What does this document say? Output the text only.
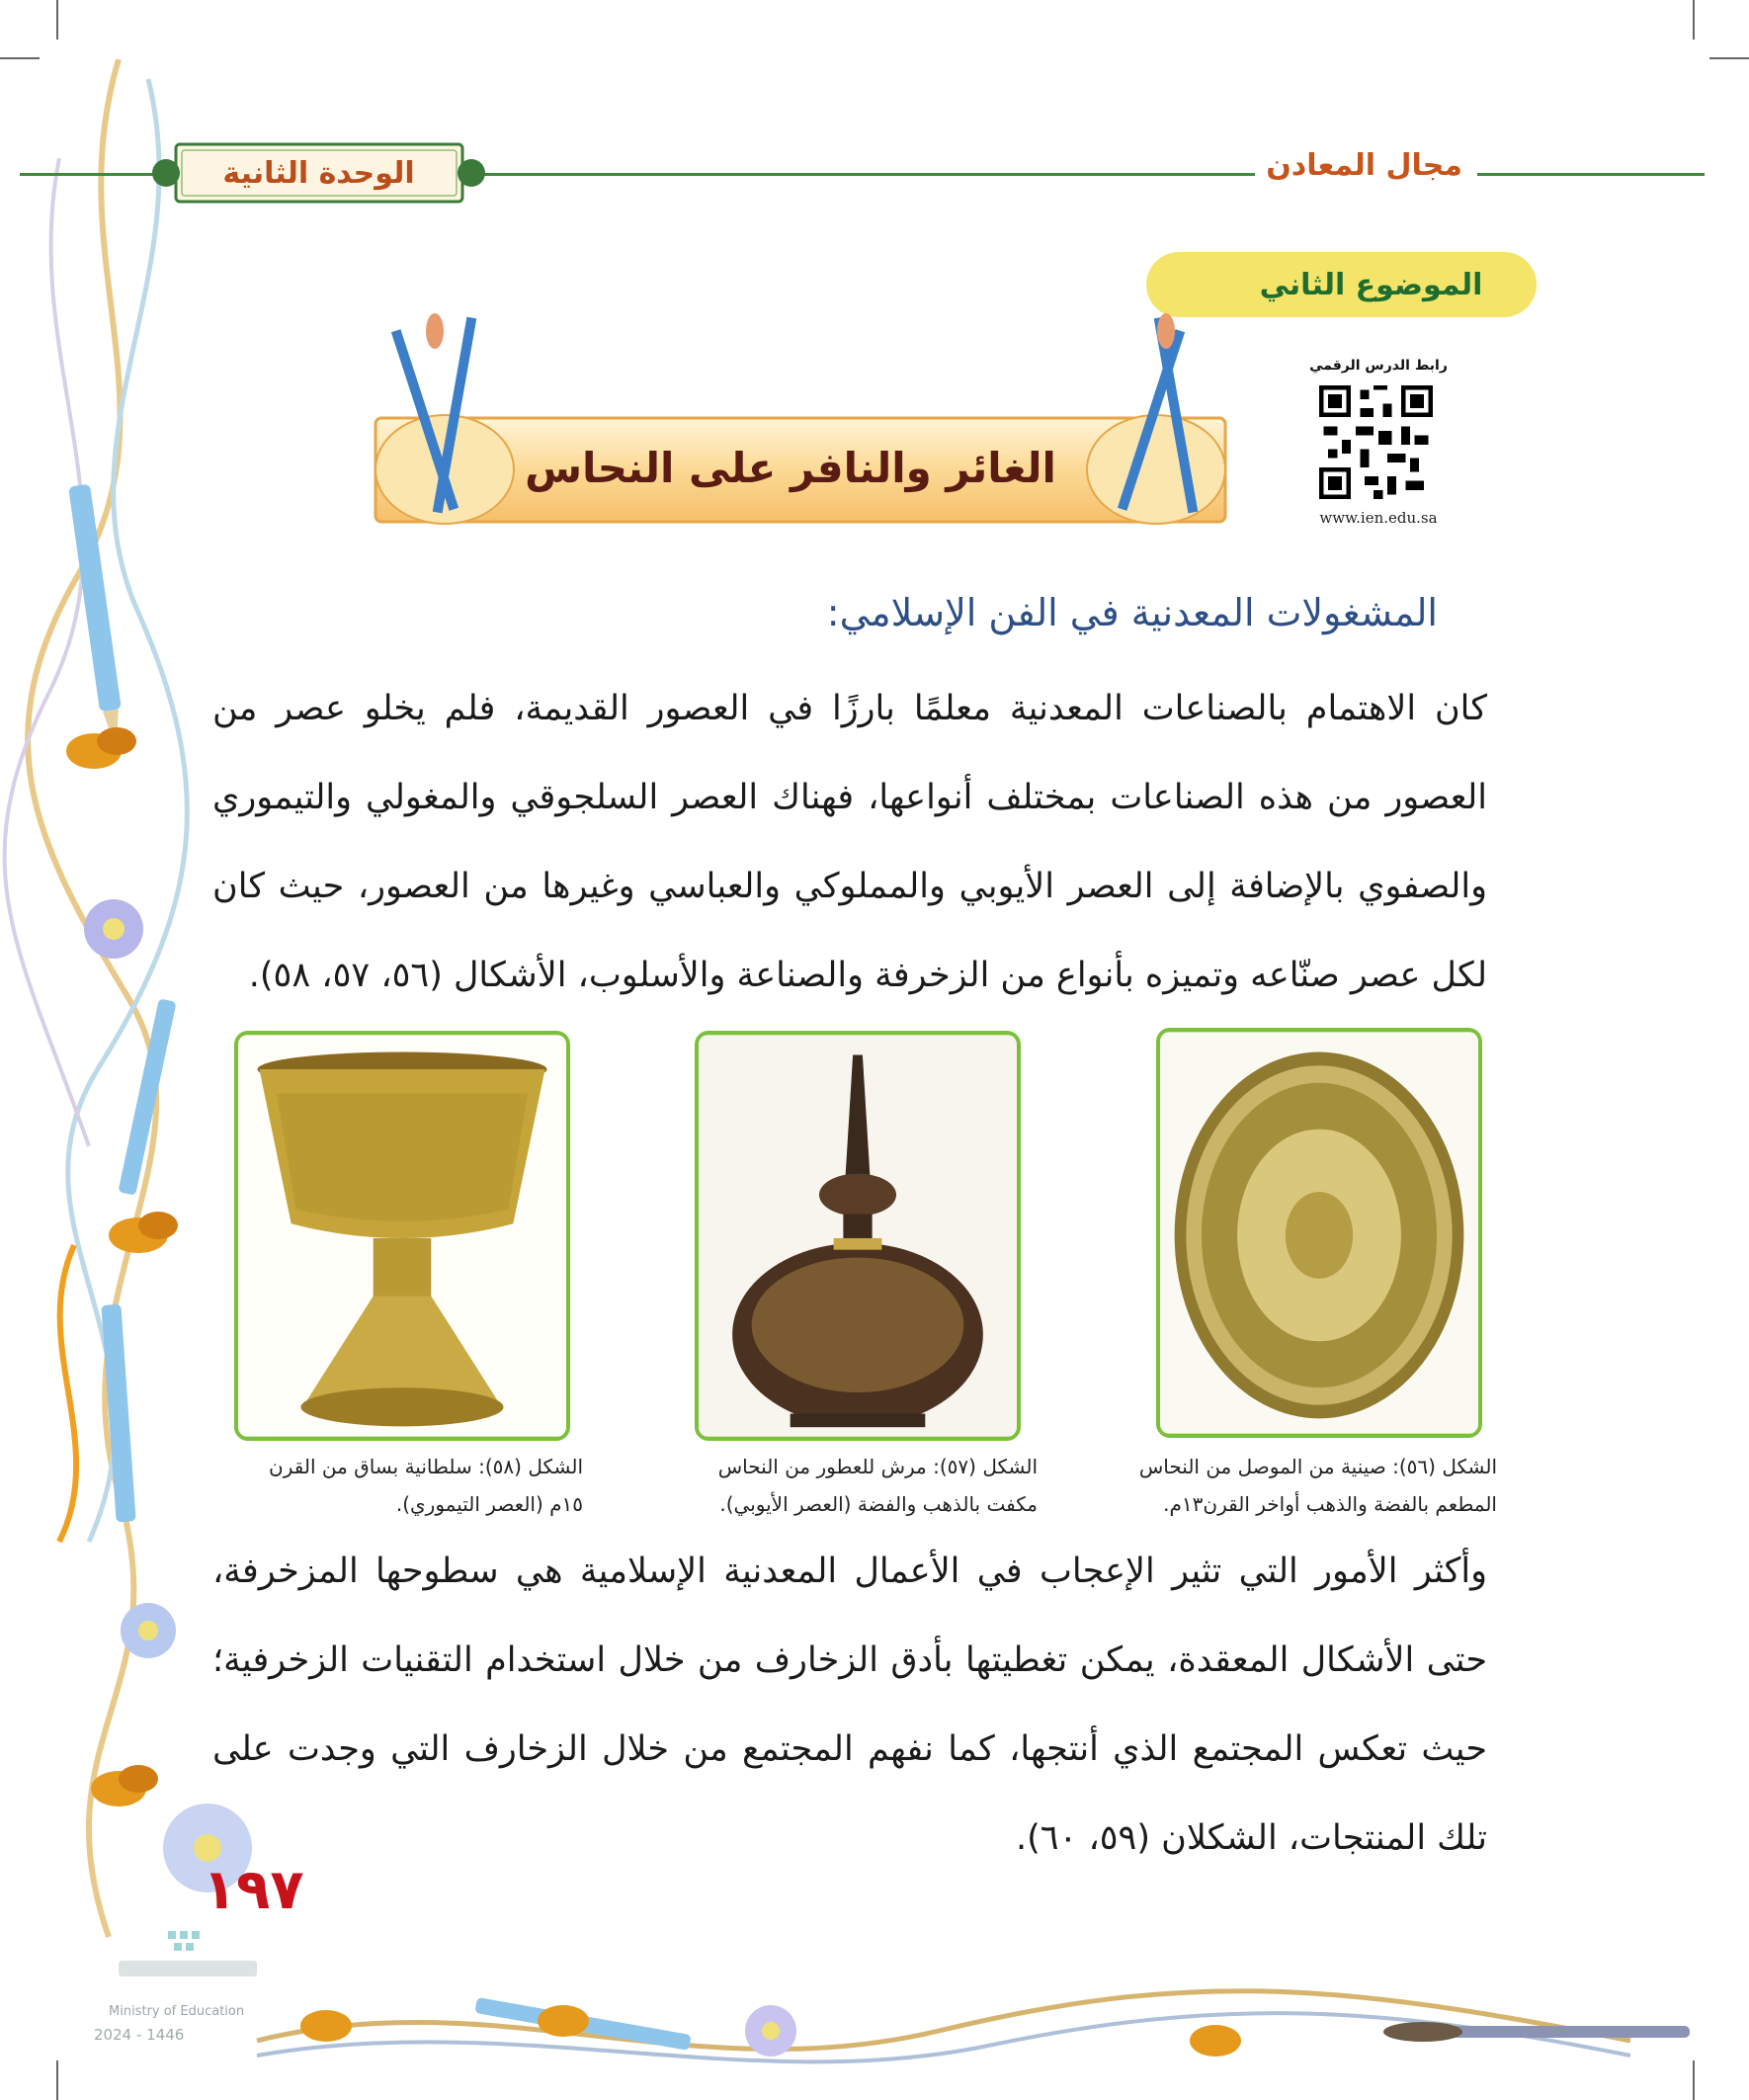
الوحدة الثانية	مجال المعادن
الموضوع الثاني
رابط الدرس الرقمي
www.ien.edu.sa
الغائر والنافر على النحاس
المشغولات المعدنية في الفن الإسلامي:

كان الاهتمام بالصناعات المعدنية معلمًا بارزًا في العصور القديمة، فلم يخلو عصر من العصور من هذه الصناعات بمختلف أنواعها، فهناك العصر السلجوقي والمغولي والتيموري والصفوي بالإضافة إلى العصر الأيوبي والمملوكي والعباسي وغيرها من العصور، حيث كان لكل عصر صنّاعه وتميزه بأنواع من الزخرفة والصناعة والأسلوب، الأشكال (٥٦، ٥٧، ٥٨).

الشكل (٥٦): صينية من الموصل من النحاس
المطعم بالفضة والذهب أواخر القرن١٣م.
الشكل (٥٧): مرش للعطور من النحاس
مكفت بالذهب والفضة (العصر الأيوبي).
الشكل (٥٨): سلطانية بساق من القرن
١٥م (العصر التيموري).

وأكثر الأمور التي تثير الإعجاب في الأعمال المعدنية الإسلامية هي سطوحها المزخرفة، حتى الأشكال المعقدة، يمكن تغطيتها بأدق الزخارف من خلال استخدام التقنيات الزخرفية؛ حيث تعكس المجتمع الذي أنتجها، كما نفهم المجتمع من خلال الزخارف التي وجدت على تلك المنتجات، الشكلان (٥٩، ٦٠).

١٩٧
Ministry of Education
2024 - 1446
